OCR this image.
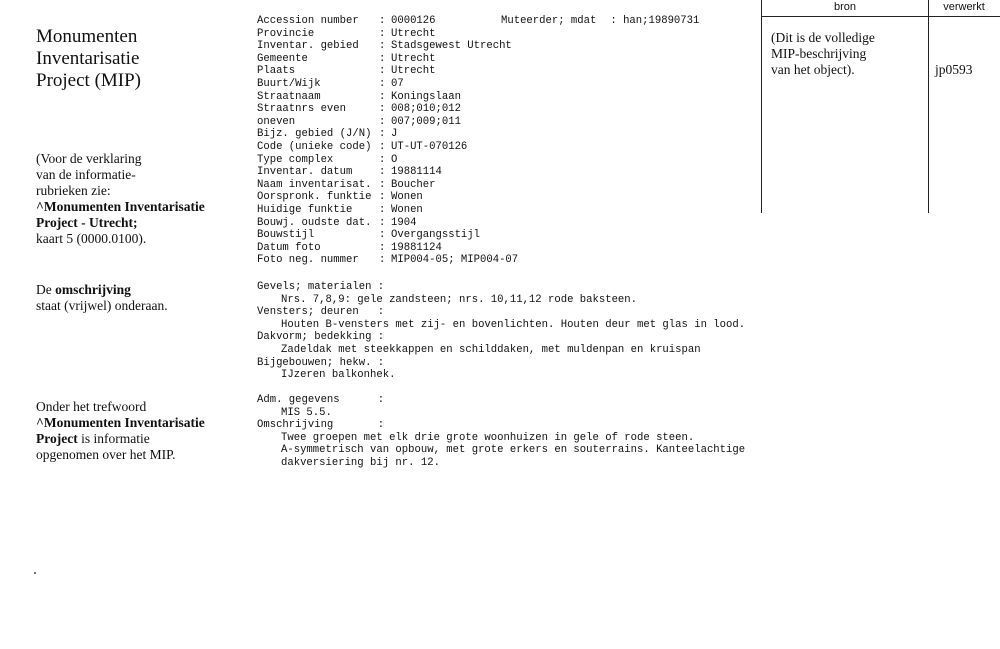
Monumenten

Inventarisatie

Project (MIP)

(Voor de verklaring

van de informatie-

rubrieken zie:

^Monumenten Inventarisatie

Project - Utrecht;

kaart 5 (0000.0100).

De omschrijving

staat (vrijwel) onderaan.

Onder het trefwoord

^Monumenten Inventarisatie

Project is informatie

opgenomen over het MIP.

Muteerder; mdat : han;19890731
Accession number	: 0000126
Provincie	: Utrecht
Inventar. gebied	: Stadsgewest Utrecht
Gemeente	: Utrecht
Plaats	: Utrecht
Buurt/Wijk	: 07
Straatnaam	: Koningslaan
Straatnrs even	: 008;010;012
oneven	: 007;009;011
Bijz. gebied (J/N) : J
Code (unieke code) : UT-UT-070126
Type complex	: O
Inventar. datum	: 19881114
Naam inventarisat. : Boucher
Oorspronk. funktie : Wonen
Huidige funktie	: Wonen
Bouwj. oudste dat. : 1904
Bouwstijl	: Overgangsstijl
Datum foto	: 19881124
Foto neg. nummer	: MIP004-05; MIP004-07
Gevels; materialen :
Nrs. 7,8,9: gele zandsteen; nrs. 10,11,12 rode baksteen.
Vensters; deuren   :
Houten B-vensters met zij- en bovenlichten. Houten deur met glas in lood.
Dakvorm; bedekking :
Zadeldak met steekkappen en schilddaken, met muldenpan en kruispan
Bijgebouwen; hekw. :
IJzeren balkonhek.
Adm. gegevens      :
MIS 5.5.
Omschrijving       :
Twee groepen met elk drie grote woonhuizen in gele of rode steen.
A-symmetrisch van opbouw, met grote erkers en souterrains. Kanteelachtige
dakversiering bij nr. 12.
bron	verwerkt
(Dit is de volledige
MIP-beschrijving
van het object).	jp0593
